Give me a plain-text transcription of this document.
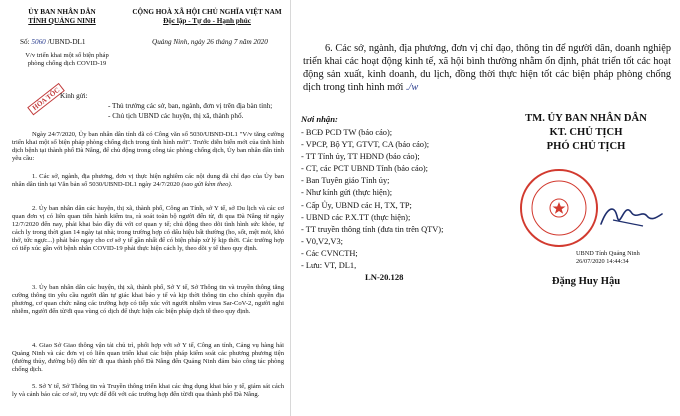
ỦY BAN NHÂN DÂN
TỈNH QUẢNG NINH
Số: 5060 /UBND-DL1
V/v triển khai một số biện pháp
phòng chống dịch COVID-19
HỎA TỐC
CỘNG HOÀ XÃ HỘI CHỦ NGHĨA VIỆT NAM
Độc lập - Tự do - Hạnh phúc
Quảng Ninh, ngày 26 tháng 7 năm 2020
Kính gửi:
- Thủ trưởng các sở, ban, ngành, đơn vị trên địa bàn tỉnh;
- Chủ tịch UBND các huyện, thị xã, thành phố.
Ngày 24/7/2020, Ủy ban nhân dân tỉnh đã có Công văn số 5030/UBND-DL1 "V/v tăng cường triển khai một số biện pháp phòng chống dịch trong tình hình mới". Trước diễn biến mới của tình hình dịch bệnh tại thành phố Đà Nẵng, để chủ động trong công tác phòng chống dịch, Ủy ban nhân dân tỉnh yêu cầu:
1. Các sở, ngành, địa phương, đơn vị thực hiện nghiêm các nội dung đã chỉ đạo của Ủy ban nhân dân tỉnh tại Văn bản số 5030/UBND-DL1 ngày 24/7/2020 (sao gửi kèm theo).
2. Ủy ban nhân dân các huyện, thị xã, thành phố, Công an Tỉnh, sở Y tế, sở Du lịch và các cơ quan đơn vị có liên quan tiến hành kiểm tra, rà soát toàn bộ người đến từ, đi qua Đà Nẵng từ ngày 12/7/2020 đến nay, phải khai báo đầy đủ với cơ quan y tế; chủ động theo dõi tình hình sức khỏe, tự cách ly trong thời gian 14 ngày tại nhà; trong trường hợp có dấu hiệu bất thường (ho, sốt, mệt mỏi, khó thở, tức ngực...) phải báo ngay cho cơ sở y tế gần nhất để có biện pháp xử lý kịp thời. Các trường hợp có tiếp xúc gần với bệnh nhân COVID-19 phải thực hiện cách ly, theo dõi y tế theo quy định.
3. Ủy ban nhân dân các huyện, thị xã, thành phố, Sở Y tế, Sở Thông tin và truyền thông tăng cường thông tin yêu cầu người dân tự giác khai báo y tế và kịp thời thông tin cho chính quyền địa phương, cơ quan chức năng các trường hợp có tiếp xúc với người nhiễm virus Sar-CoV-2, người nghi nhiễm, người đến từ/đi qua vùng có dịch để thực hiện các biện pháp dịch tễ theo quy định.
4. Giao Sở Giao thông vận tải chủ trì, phối hợp với sở Y tế, Công an tỉnh, Cảng vụ hàng hải Quảng Ninh và các đơn vị có liên quan triển khai các biện pháp kiểm soát các phương phương tiện (đường thủy, đường bộ) đến từ/ đi qua thành phố Đà Nẵng đến Quảng Ninh đảm bảo công tác phòng chống dịch.
5. Sở Y tế, Sở Thông tin và Truyền thông triển khai các ứng dụng khai báo y tế, giám sát cách ly và cảnh báo các cơ sở, trụ vực để đối với các trường hợp đến từ/đi qua thành phố Đà Nẵng.
6. Các sở, ngành, địa phương, đơn vị chỉ đạo, thông tin để người dân, doanh nghiệp triển khai các hoạt động kinh tế, xã hội bình thường nhằm ổn định, phát triển tốt các hoạt động sản xuất, kinh doanh, du lịch, đồng thời thực hiện tốt các biện pháp phòng chống dịch trong tình hình mới ./w
Nơi nhận:
- BCĐ PCD TW (báo cáo);
- VPCP, Bộ YT, GTVT, CA (báo cáo);
- TT Tỉnh ủy, TT HĐND (báo cáo);
- CT, các PCT UBND Tỉnh (báo cáo);
- Ban Tuyên giáo Tỉnh ủy;
- Như kính gửi (thực hiện);
- Cấp Ủy, UBND các H, TX, TP;
- UBND các P.X.TT (thực hiện);
- TT truyền thông tỉnh (đưa tin trên QTV);
- V0,V2,V3;
- Các CVNCTH;
- Lưu: VT, DL1,
LN-20.128
TM. ỦY BAN NHÂN DÂN
KT. CHỦ TỊCH
PHÓ CHỦ TỊCH
UBND Tỉnh Quảng Ninh
26/07/2020 14:44:34
Đặng Huy Hậu
